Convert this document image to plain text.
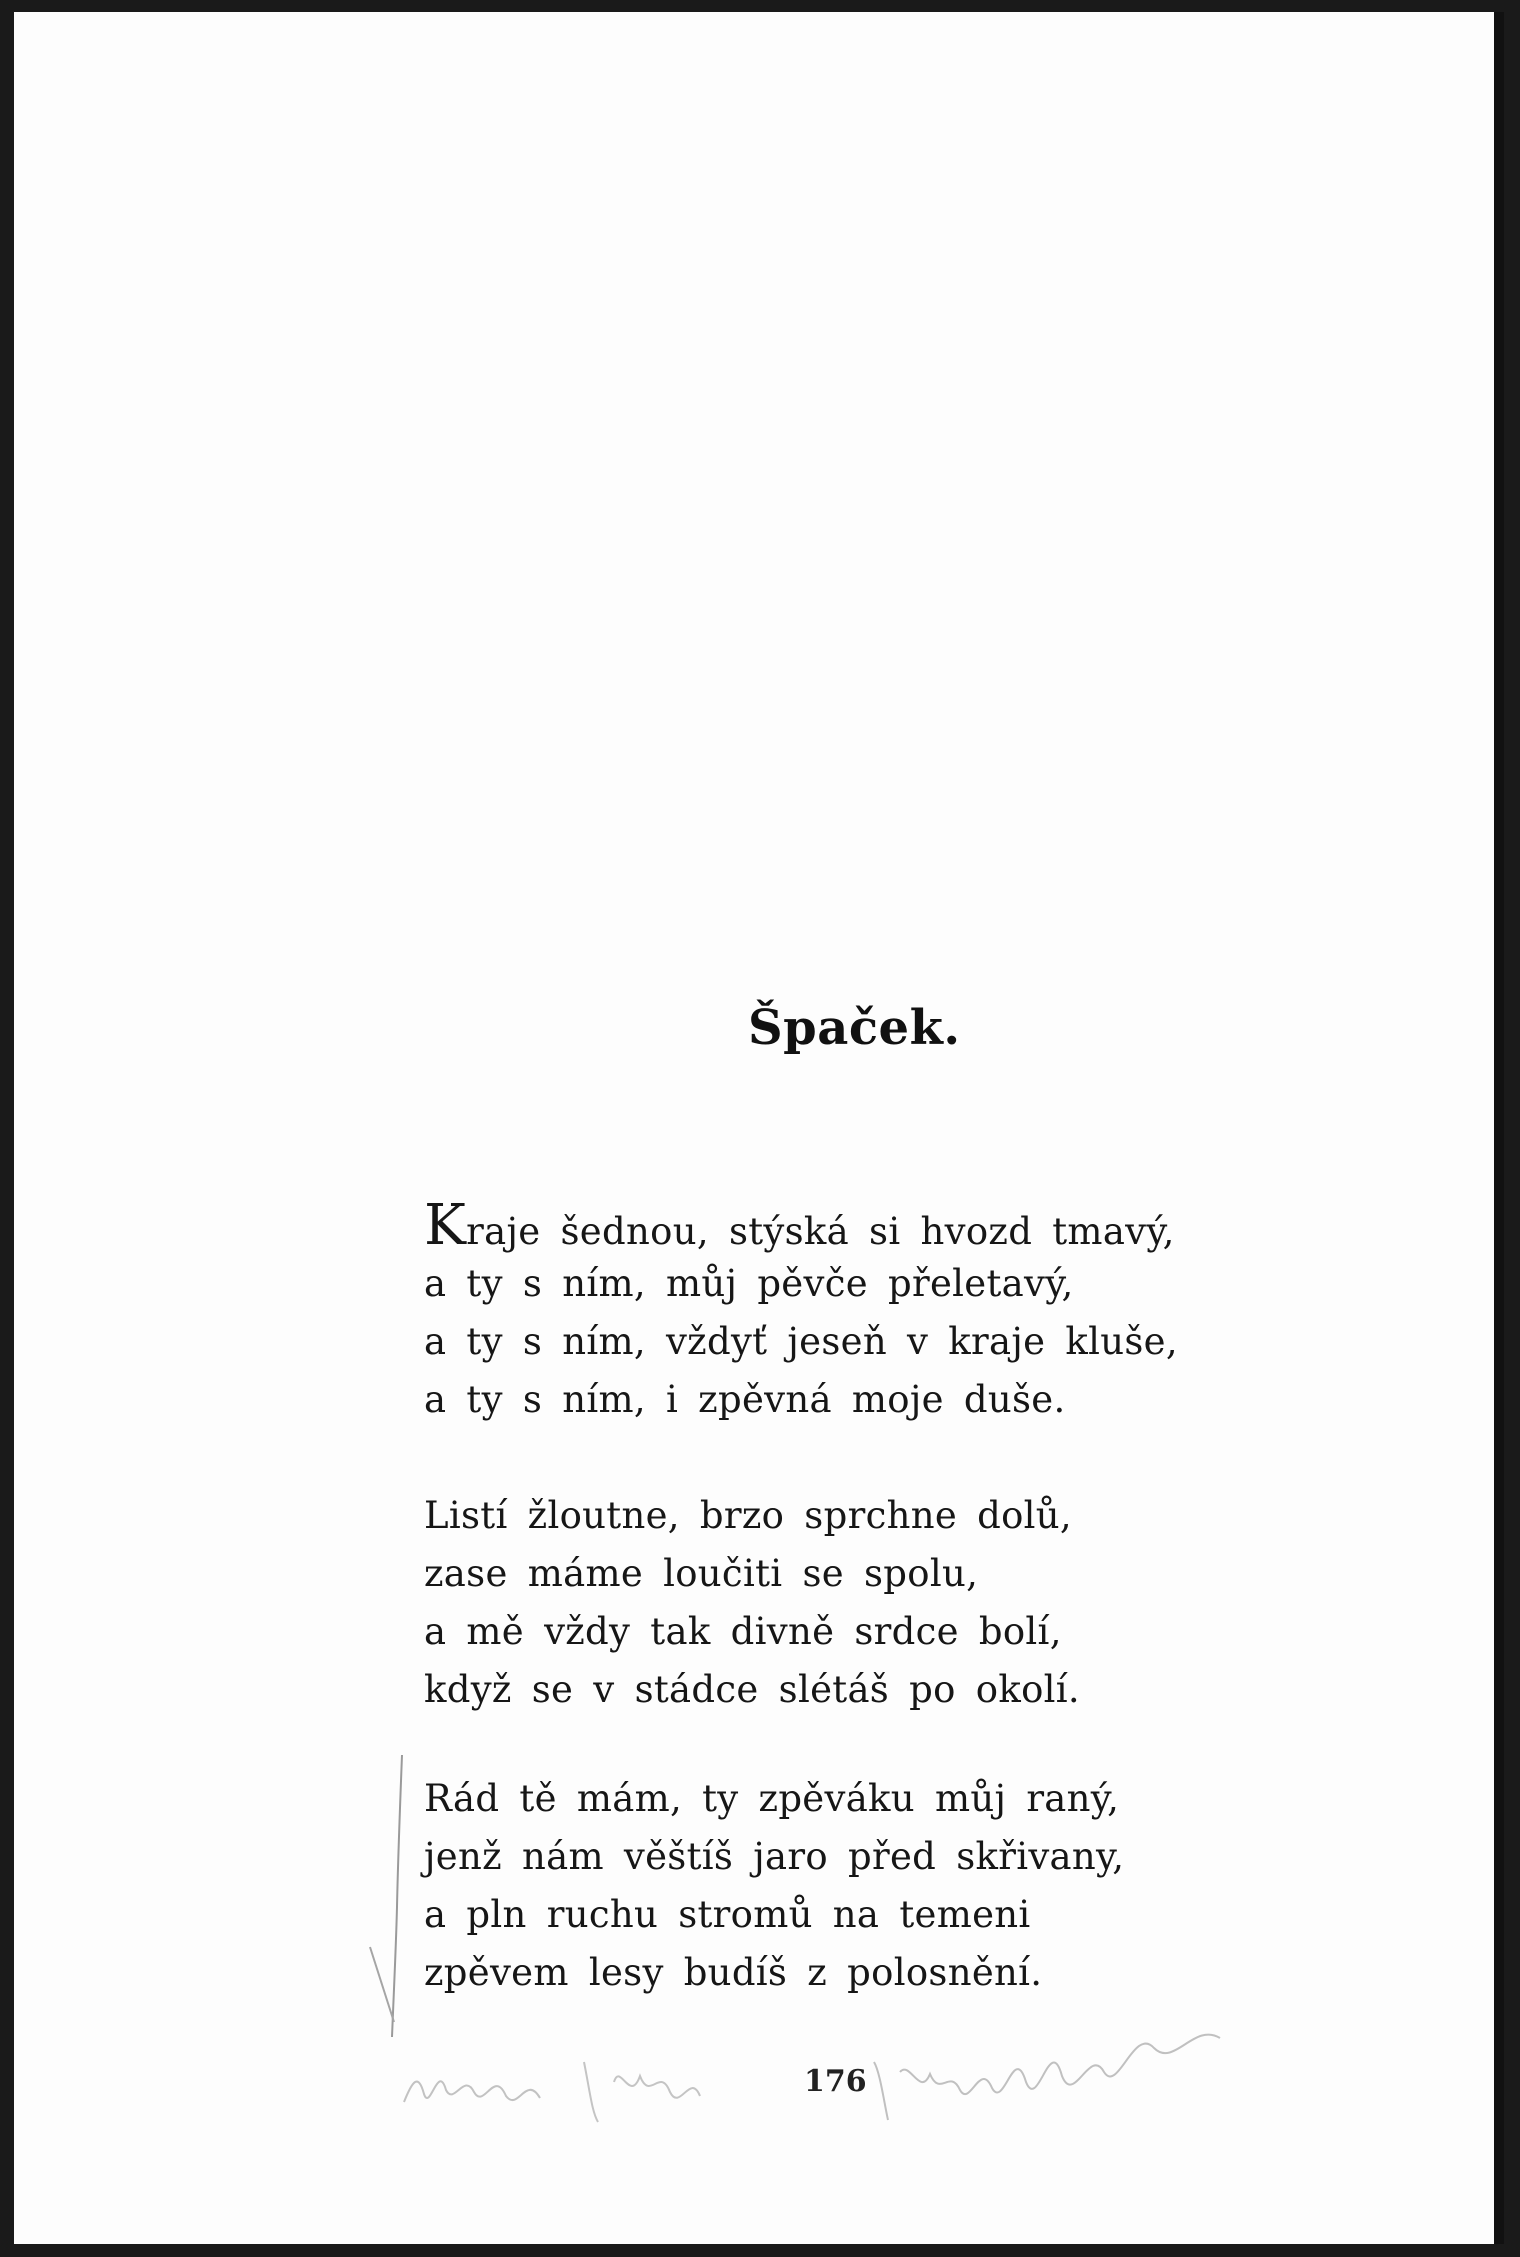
Špaček.
Kraje šednou, stýská si hvozd tmavý,
a ty s ním, můj pěvče přeletavý,
a ty s ním, vždyť jeseň v kraje kluše,
a ty s ním, i zpěvná moje duše.
Listí žloutne, brzo sprchne dolů,
zase máme loučiti se spolu,
a mě vždy tak divně srdce bolí,
když se v stádce slétáš po okolí.
Rád tě mám, ty zpěváku můj raný,
jenž nám věštíš jaro před skřivany,
a pln ruchu stromů na temeni
zpěvem lesy budíš z polosnění.
176
